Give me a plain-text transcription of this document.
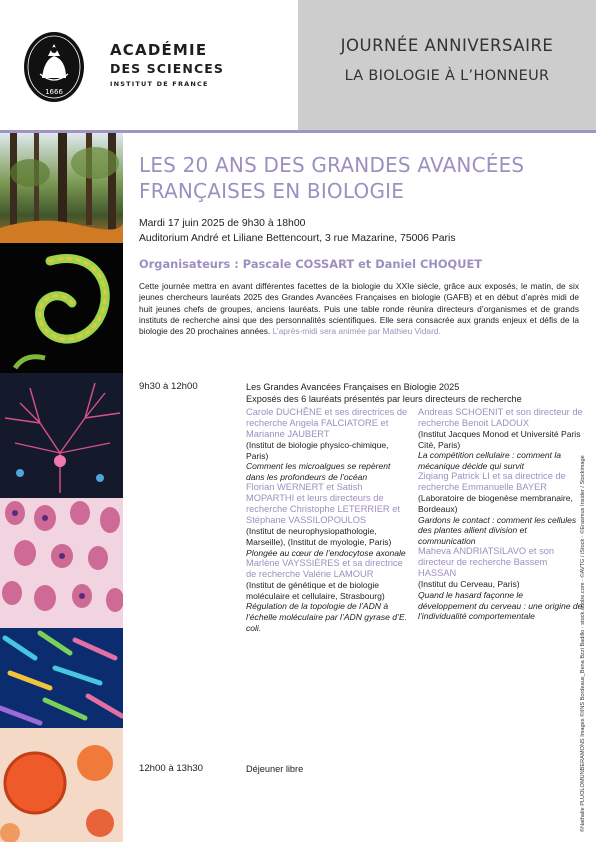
1666
ACADÉMIE
DES SCIENCES
INSTITUT DE FRANCE
JOURNÉE ANNIVERSAIRE
LA BIOLOGIE À L’HONNEUR
LES 20 ANS DES GRANDES AVANCÉES
FRANÇAISES EN BIOLOGIE
Mardi 17 juin 2025 de 9h30 à 18h00
Auditorium André et Liliane Bettencourt, 3 rue Mazarine, 75006 Paris
Organisateurs : Pascale COSSART et Daniel CHOQUET
Cette journée mettra en avant différentes facettes de la biologie du XXIe siècle, grâce aux exposés, le matin, de six jeunes chercheurs lauréats 2025 des Grandes Avancées Françaises en biologie (GAFB) et en début d’après midi de huit jeunes chefs de groupes, anciens lauréats. Puis une table ronde réunira directeurs d’organismes et de grands instituts de recherche ainsi que des personnalités scientifiques. Elle sera consacrée aux grands enjeux et défis de la biologie des 20 prochaines années. L’après-midi sera animée par Mathieu Vidard.
9h30 à 12h00	Les Grandes Avancées Françaises en Biologie 2025
Exposés des 6 lauréats présentés par leurs directeurs de recherche
Carole DUCHÊNE et ses directrices de recherche Angela FALCIATORE et Marianne JAUBERT
(Institut de biologie physico-chimique, Paris)
Comment les microalgues se repèrent dans les profondeurs de l’océan
Florian WERNERT et Satish MOPARTHI et leurs directeurs de recherche Christophe LETERRIER et Stéphane VASSILOPOULOS
(Institut de neurophysiopathologie, Marseille), (Institut de myologie, Paris)
Plongée au cœur de l’endocytose axonale
Marlène VAYSSIÈRES et sa directrice de recherche Valérie LAMOUR
(Institut de génétique et de biologie moléculaire et cellulaire, Strasbourg)
Régulation de la topologie de l’ADN à l’échelle moléculaire par l’ADN gyrase d’E. coli.
Andreas SCHOENIT et son directeur de recherche Benoit LADOUX
(Institut Jacques Monod et Université Paris Cité, Paris)
La compétition cellulaire : comment la mécanique décide qui survit
Ziqiang Patrick LI et sa directrice de recherche Emmanuelle BAYER
(Laboratoire de biogenèse membranaire, Bordeaux)
Gardons le contact : comment les cellules des plantes allient division et communication
Maheva ANDRIATSILAVO et son directeur de recherche Bassem HASSAN
(Institut du Cerveau, Paris)
Quand le hasard façonne le développement du cerveau : une origine de l’individualité comportementale
12h00 à 13h30	Déjeuner libre	©Nathalie PLUOLOMUNBERAMONS Images ©IINS Bordeaux_Bena Bzzi Badillo · stock.adobe.com · ©AVTG / iStock · ©Erasmus Insider / Stockimage
